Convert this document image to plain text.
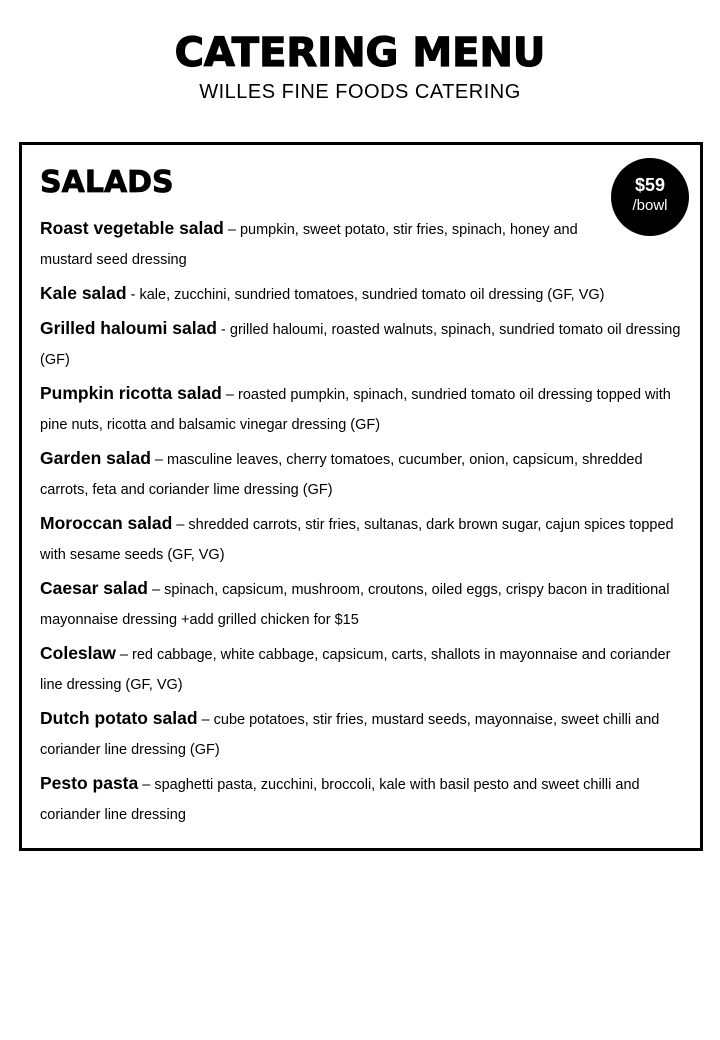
CATERING MENU
WILLES FINE FOODS CATERING
SALADS	$59
/bowl

Roast vegetable salad – pumpkin, sweet potato, stir fries, spinach, honey and mustard seed dressing

Kale salad - kale, zucchini, sundried tomatoes, sundried tomato oil dressing (GF, VG)

Grilled haloumi salad - grilled haloumi, roasted walnuts, spinach, sundried tomato oil dressing (GF)

Pumpkin ricotta salad – roasted pumpkin, spinach, sundried tomato oil dressing topped with pine nuts, ricotta and balsamic vinegar dressing (GF)

Garden salad – masculine leaves, cherry tomatoes, cucumber, onion, capsicum, shredded carrots, feta and coriander lime dressing (GF)

Moroccan salad – shredded carrots, stir fries, sultanas, dark brown sugar, cajun spices topped with sesame seeds (GF, VG)

Caesar salad – spinach, capsicum, mushroom, croutons, oiled eggs, crispy bacon in traditional mayonnaise dressing +add grilled chicken for $15

Coleslaw – red cabbage, white cabbage, capsicum, carts, shallots in mayonnaise and coriander line dressing (GF, VG)

Dutch potato salad – cube potatoes, stir fries, mustard seeds, mayonnaise, sweet chilli and coriander line dressing (GF)

Pesto pasta – spaghetti pasta, zucchini, broccoli, kale with basil pesto and sweet chilli and coriander line dressing
